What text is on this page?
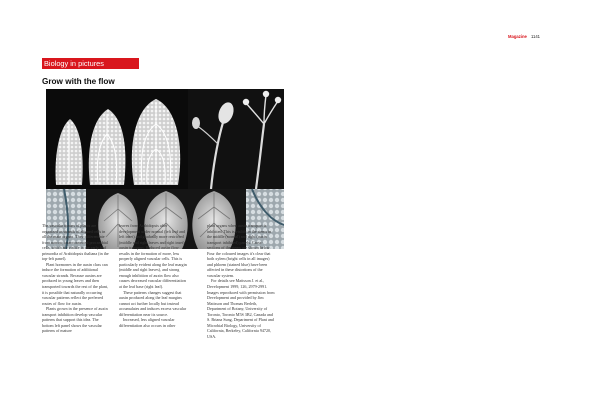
Magazine 1141
Biology in pictures
Grow with the flow

The vascular tissues of plants are organized as strands of aligned cells in all the main organs. They differentiate from narrow, interconnected procambial cells, which are visible in the early leaf primordia of Arabidopsis thaliana (in the top-left panel).

Plant hormones in the auxin class can induce the formation of additional vascular strands. Because auxins are produced in young leaves and then transported towards the rest of the plant, it is possible that naturally occurring vascular patterns reflect the preferred routes of flow for auxin.

Plants grown in the presence of auxin transport inhibition develop vascular patterns that support this idea. The bottom left panel shows the vascular patterns of mature

leaves from Arabidopsis after development under normal (left leaf and left inset) and gradually more restricted (middle and right leaves and right inset) auxin transport. Reduced auxin flow results in the formation of more, less properly aligned vascular cells. This is particularly evident along the leaf margin (middle and right leaves), and strong enough inhibition of auxin flow also causes decreased vascular differentiation at the leaf base (right leaf).

These patterns changes suggest that auxin produced along the leaf margins cannot act further locally but instead accumulates and induces excess vascular differentiation near its source.

Increased, less aligned vascular differentiation also occurs in other

plant organs when auxin transport is inhibited. This is visible in the stems in the middle (normal) and right (auxin transport inhibited) panels. Cross-sections of the stems are shown below. Four the coloured images it's clear that both xylem (bright cells in all images) and phloem (stained blue) have been affected in these distortions of the vascular system.

For details see Mattsson J. et al., Development 1999, 126, 2979-2991. Images reproduced with permission from Development and provided by Jim Mattsson and Thomas Berleth, Department of Botany, University of Toronto, Toronto M5S 3B2, Canada and S. Briana Sung, Department of Plant and Microbial Biology, University of California, Berkeley, California 94720, USA.
